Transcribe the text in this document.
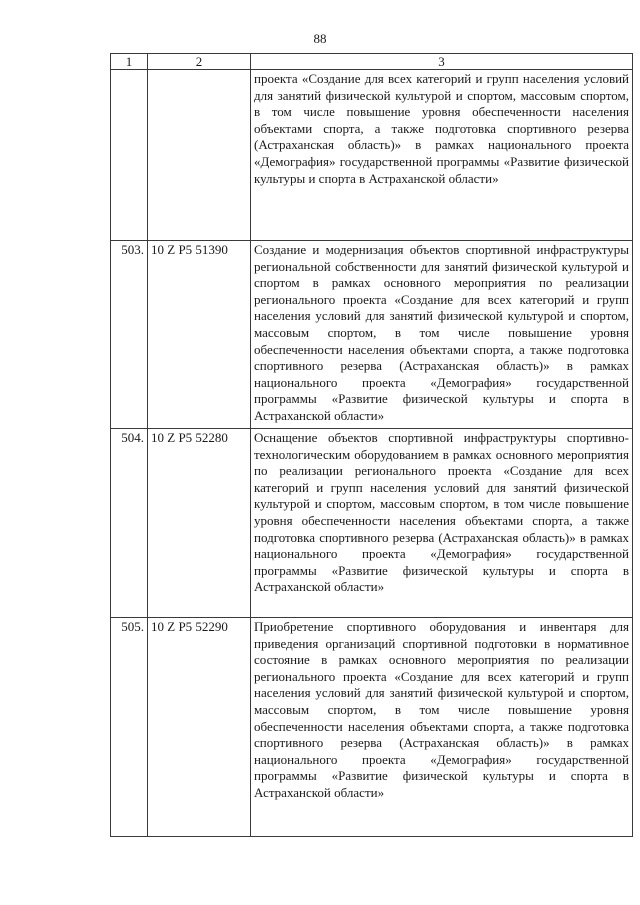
88
1	2	3
		проекта «Создание для всех категорий и групп населения условий для занятий физической культурой и спортом, массовым спортом, в том числе повышение уровня обеспеченности населения объектами спорта, а также подготовка спортивного резерва (Астраханская область)» в рамках национального проекта «Демография» государственной программы «Развитие физической культуры и спорта в Астраханской области»
503.	10 Z P5 51390	Создание и модернизация объектов спортивной инфраструктуры региональной собственности для занятий физической культурой и спортом в рамках основного мероприятия по реализации регионального проекта «Создание для всех категорий и групп населения условий для занятий физической культурой и спортом, массовым спортом, в том числе повышение уровня обеспеченности населения объектами спорта, а также подготовка спортивного резерва (Астраханская область)» в рамках национального проекта «Демография» государственной программы «Развитие физической культуры и спорта в Астраханской области»
504.	10 Z P5 52280	Оснащение объектов спортивной инфраструктуры спортивно-технологическим оборудованием в рамках основного мероприятия по реализации регионального проекта «Создание для всех категорий и групп населения условий для занятий физической культурой и спортом, массовым спортом, в том числе повышение уровня обеспеченности населения объектами спорта, а также подготовка спортивного резерва (Астраханская область)» в рамках национального проекта «Демография» государственной программы «Развитие физической культуры и спорта в Астраханской области»
505.	10 Z P5 52290	Приобретение спортивного оборудования и инвентаря для приведения организаций спортивной подготовки в нормативное состояние в рамках основного мероприятия по реализации регионального проекта «Создание для всех категорий и групп населения условий для занятий физической культурой и спортом, массовым спортом, в том числе повышение уровня обеспеченности населения объектами спорта, а также подготовка спортивного резерва (Астраханская область)» в рамках национального проекта «Демография» государственной программы «Развитие физической культуры и спорта в Астраханской области»
